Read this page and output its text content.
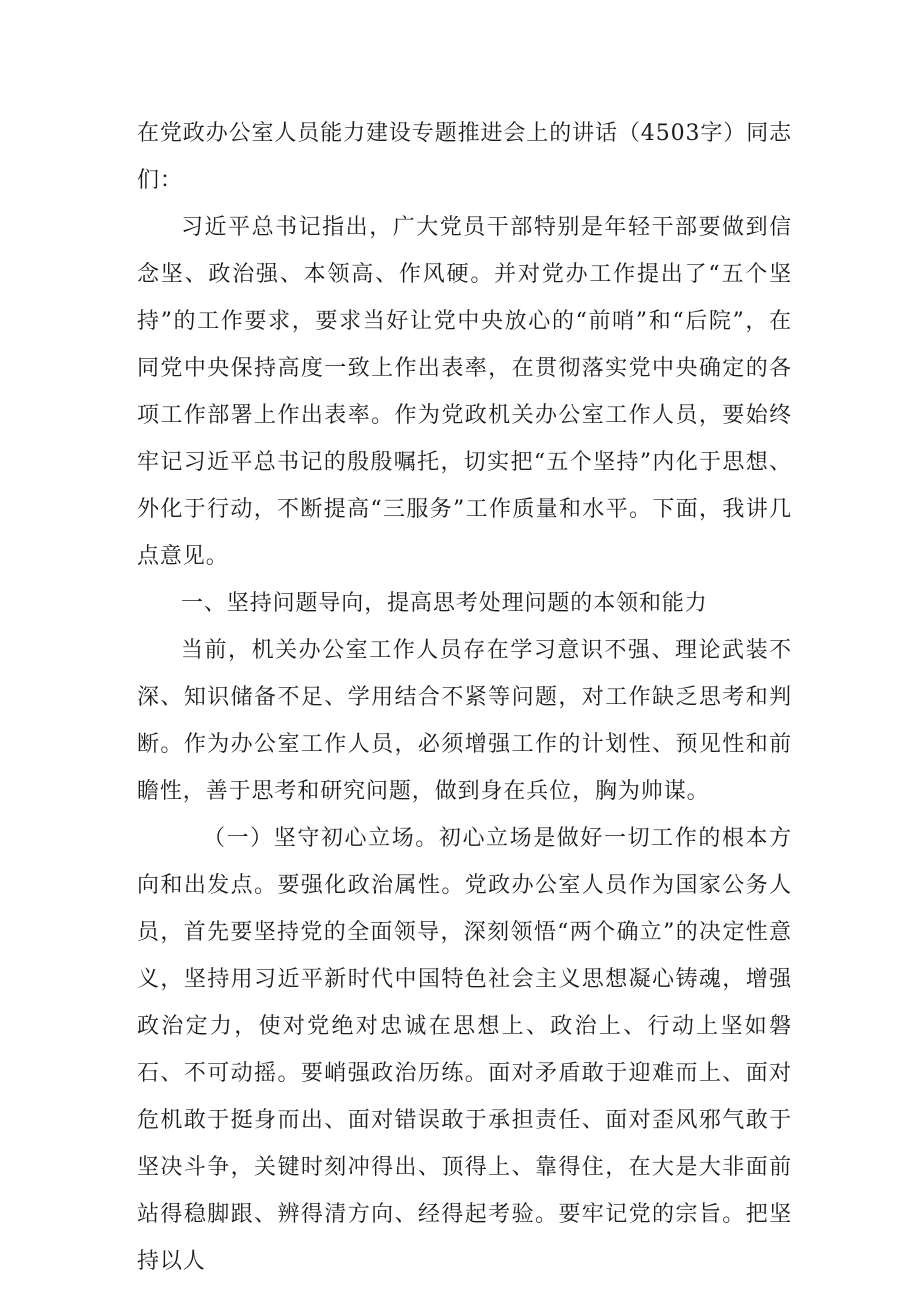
在党政办公室人员能力建设专题推进会上的讲话（4503字）同志们：

习近平总书记指出，广大党员干部特别是年轻干部要做到信念坚、政治强、本领高、作风硬。并对党办工作提出了“五个坚持”的工作要求，要求当好让党中央放心的“前哨”和“后院”，在同党中央保持高度一致上作出表率，在贯彻落实党中央确定的各项工作部署上作出表率。作为党政机关办公室工作人员，要始终牢记习近平总书记的殷殷嘱托，切实把“五个坚持”内化于思想、外化于行动，不断提高“三服务”工作质量和水平。下面，我讲几点意见。

一、坚持问题导向，提高思考处理问题的本领和能力

当前，机关办公室工作人员存在学习意识不强、理论武装不深、知识储备不足、学用结合不紧等问题，对工作缺乏思考和判断。作为办公室工作人员，必须增强工作的计划性、预见性和前瞻性，善于思考和研究问题，做到身在兵位，胸为帅谋。

（一）坚守初心立场。初心立场是做好一切工作的根本方向和出发点。要强化政治属性。党政办公室人员作为国家公务人员，首先要坚持党的全面领导，深刻领悟“两个确立”的决定性意义，坚持用习近平新时代中国特色社会主义思想凝心铸魂，增强政治定力，使对党绝对忠诚在思想上、政治上、行动上坚如磐石、不可动摇。要峭强政治历练。面对矛盾敢于迎难而上、面对危机敢于挺身而出、面对错误敢于承担责任、面对歪风邪气敢于坚决斗争，关键时刻冲得出、顶得上、靠得住，在大是大非面前站得稳脚跟、辨得清方向、经得起考验。要牢记党的宗旨。把坚持以人
